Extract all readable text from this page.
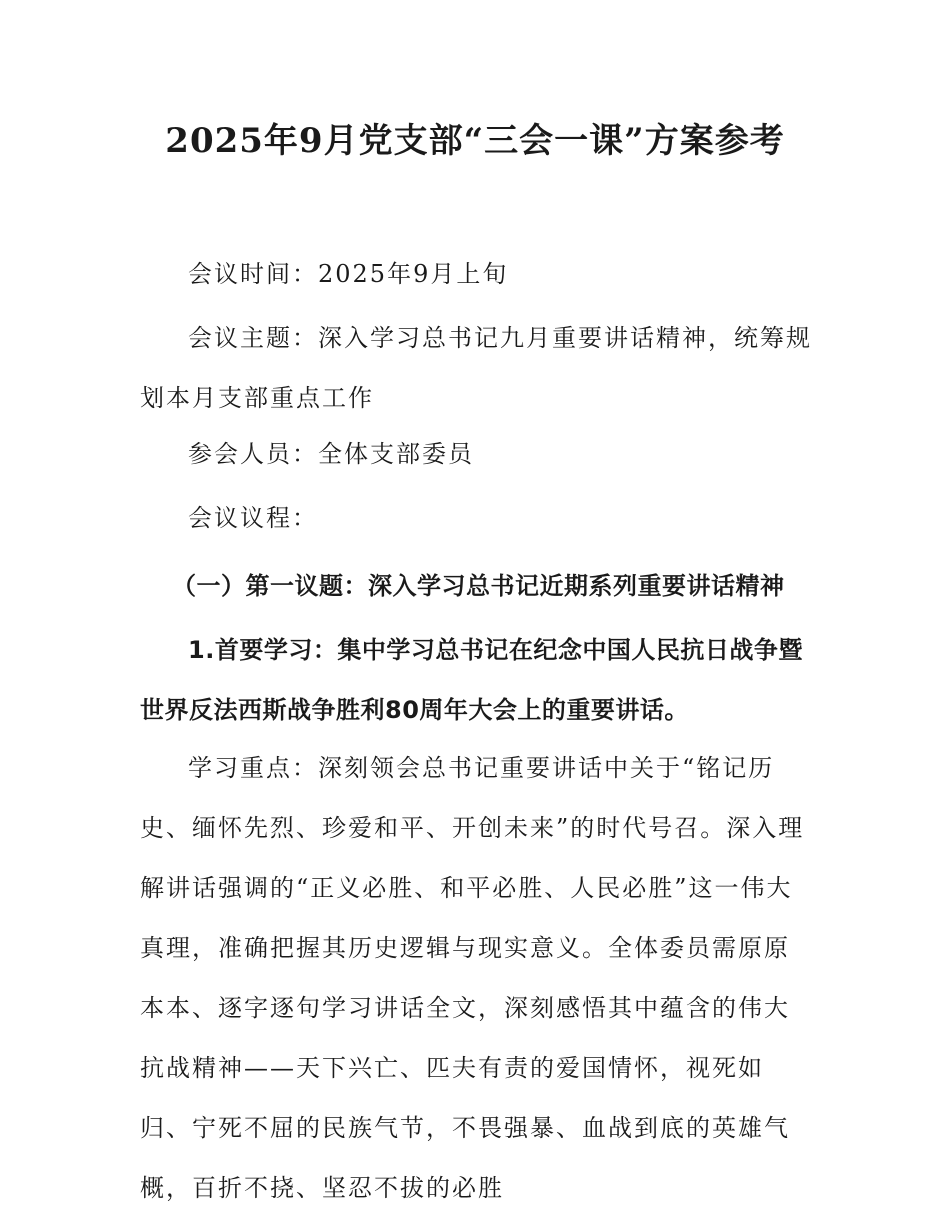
2025年9月党支部“三会一课”方案参考

会议时间：2025年9月上旬

会议主题：深入学习总书记九月重要讲话精神，统筹规划本月支部重点工作

参会人员：全体支部委员

会议议程：

（一）第一议题：深入学习总书记近期系列重要讲话精神

1.首要学习：集中学习总书记在纪念中国人民抗日战争暨世界反法西斯战争胜利80周年大会上的重要讲话。

学习重点：深刻领会总书记重要讲话中关于“铭记历史、缅怀先烈、珍爱和平、开创未来”的时代号召。深入理解讲话强调的“正义必胜、和平必胜、人民必胜”这一伟大真理，准确把握其历史逻辑与现实意义。全体委员需原原本本、逐字逐句学习讲话全文，深刻感悟其中蕴含的伟大抗战精神——天下兴亡、匹夫有责的爱国情怀，视死如归、宁死不屈的民族气节，不畏强暴、血战到底的英雄气概，百折不挠、坚忍不拔的必胜
